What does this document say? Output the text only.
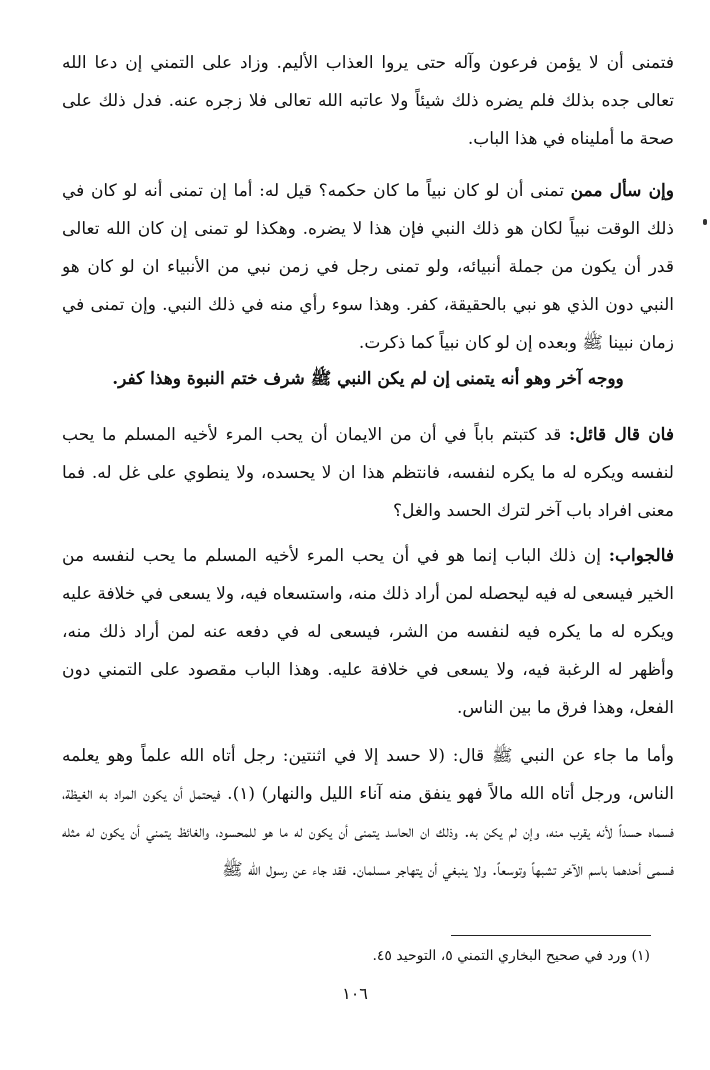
فتمنى أن لا يؤمن فرعون وآله حتى يروا العذاب الأليم. وزاد على التمني إن دعا الله تعالى جده بذلك فلم يضره ذلك شيئاً ولا عاتبه الله تعالى فلا زجره عنه. فدل ذلك على صحة ما أمليناه في هذا الباب.

وإن سأل ممن تمنى أن لو كان نبياً ما كان حكمه؟ قيل له: أما إن تمنى أنه لو كان في ذلك الوقت نبياً لكان هو ذلك النبي فإن هذا لا يضره. وهكذا لو تمنى إن كان الله تعالى قدر أن يكون من جملة أنبيائه، ولو تمنى رجل في زمن نبي من الأنبياء ان لو كان هو النبي دون الذي هو نبي بالحقيقة، كفر. وهذا سوء رأي منه في ذلك النبي. وإن تمنى في زمان نبينا ﷺ وبعده إن لو كان نبياً كما ذكرت.

ووجه آخر وهو أنه يتمنى إن لم يكن النبي ﷺ شرف ختم النبوة وهذا كفر.

فان قال قائل: قد كتبتم باباً في أن من الايمان أن يحب المرء لأخيه المسلم ما يحب لنفسه ويكره له ما يكره لنفسه، فانتظم هذا ان لا يحسده، ولا ينطوي على غل له. فما معنى افراد باب آخر لترك الحسد والغل؟

فالجواب: إن ذلك الباب إنما هو في أن يحب المرء لأخيه المسلم ما يحب لنفسه من الخير فيسعى له فيه ليحصله لمن أراد ذلك منه، واستسعاه فيه، ولا يسعى في خلافة عليه ويكره له ما يكره فيه لنفسه من الشر، فيسعى له في دفعه عنه لمن أراد ذلك منه، وأظهر له الرغبة فيه، ولا يسعى في خلافة عليه. وهذا الباب مقصود على التمني دون الفعل، وهذا فرق ما بين الناس.

وأما ما جاء عن النبي ﷺ قال: (لا حسد إلا في اثنتين: رجل أتاه الله علماً وهو يعلمه الناس، ورجل أتاه الله مالاً فهو ينفق منه آناء الليل والنهار) (١). فيحتمل أن يكون المراد به الغيظة، فسماه حسداً لأنه يقرب منه، وإن لم يكن به. وذلك ان الحاسد يتمنى أن يكون له ما هو للمحسود، والغائظ يتمني أن يكون له مثله فسمى أحدهما باسم الآخر تشبهاً وتوسعاً. ولا ينبغي أن يتهاجر مسلمان. فقد جاء عن رسول الله ﷺ

(١) ورد في صحيح البخاري التمني ٥، التوحيد ٤٥.

١٠٦
